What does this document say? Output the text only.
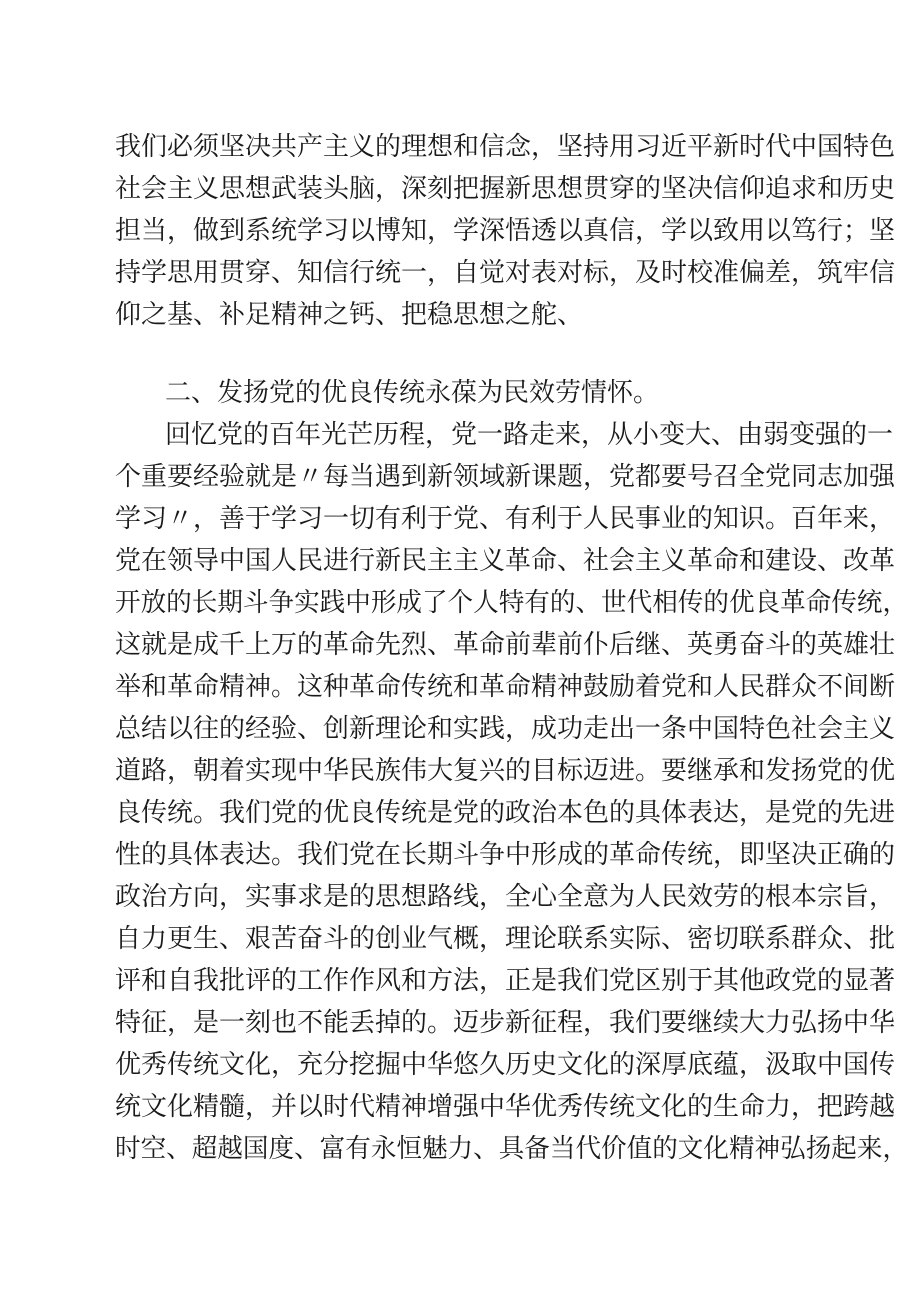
我们必须坚决共产主义的理想和信念，坚持用习近平新时代中国特色

社会主义思想武装头脑，深刻把握新思想贯穿的坚决信仰追求和历史

担当，做到系统学习以博知，学深悟透以真信，学以致用以笃行；坚

持学思用贯穿、知信行统一，自觉对表对标，及时校准偏差，筑牢信

仰之基、补足精神之钙、把稳思想之舵、

二、发扬党的优良传统永葆为民效劳情怀。

回忆党的百年光芒历程，党一路走来，从小变大、由弱变强的一

个重要经验就是〃每当遇到新领域新课题，党都要号召全党同志加强

学习〃，善于学习一切有利于党、有利于人民事业的知识。百年来，

党在领导中国人民进行新民主主义革命、社会主义革命和建设、改革

开放的长期斗争实践中形成了个人特有的、世代相传的优良革命传统，

这就是成千上万的革命先烈、革命前辈前仆后继、英勇奋斗的英雄壮

举和革命精神。这种革命传统和革命精神鼓励着党和人民群众不间断

总结以往的经验、创新理论和实践，成功走出一条中国特色社会主义

道路，朝着实现中华民族伟大复兴的目标迈进。要继承和发扬党的优

良传统。我们党的优良传统是党的政治本色的具体表达，是党的先进

性的具体表达。我们党在长期斗争中形成的革命传统，即坚决正确的

政治方向，实事求是的思想路线，全心全意为人民效劳的根本宗旨，

自力更生、艰苦奋斗的创业气概，理论联系实际、密切联系群众、批

评和自我批评的工作作风和方法，正是我们党区别于其他政党的显著

特征，是一刻也不能丢掉的。迈步新征程，我们要继续大力弘扬中华

优秀传统文化，充分挖掘中华悠久历史文化的深厚底蕴，汲取中国传

统文化精髓，并以时代精神增强中华优秀传统文化的生命力，把跨越

时空、超越国度、富有永恒魅力、具备当代价值的文化精神弘扬起来，
